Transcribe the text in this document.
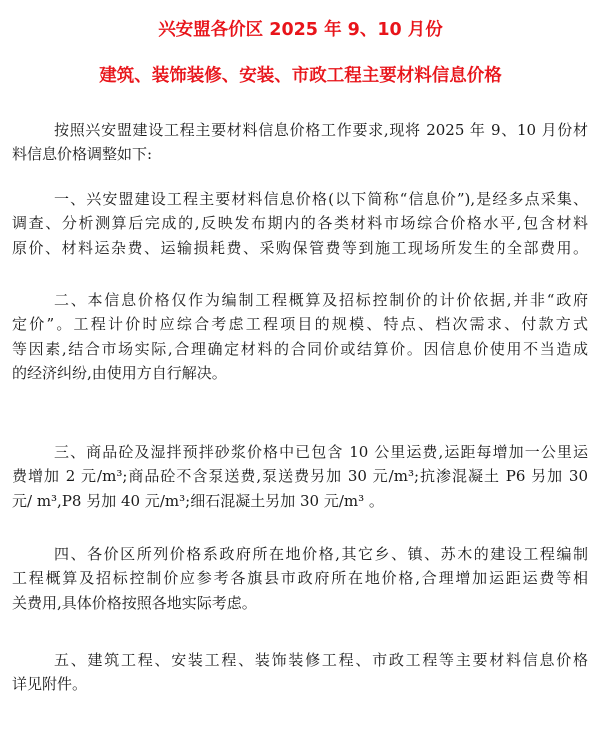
兴安盟各价区 2025 年 9、10 月份
建筑、装饰装修、安装、市政工程主要材料信息价格
按照兴安盟建设工程主要材料信息价格工作要求,现将 2025 年 9、10 月份材
料信息价格调整如下:
一、兴安盟建设工程主要材料信息价格(以下简称“信息价”),是经多点采集、
调查、分析测算后完成的,反映发布期内的各类材料市场综合价格水平,包含材料
原价、材料运杂费、运输损耗费、采购保管费等到施工现场所发生的全部费用。
二、本信息价格仅作为编制工程概算及招标控制价的计价依据,并非“政府
定价”。工程计价时应综合考虑工程项目的规模、特点、档次需求、付款方式
等因素,结合市场实际,合理确定材料的合同价或结算价。因信息价使用不当造成
的经济纠纷,由使用方自行解决。
三、商品砼及湿拌预拌砂浆价格中已包含 10 公里运费,运距每增加一公里运
费增加 2 元/m³;商品砼不含泵送费,泵送费另加 30 元/m³;抗渗混凝土 P6 另加 30
元/ m³,P8 另加 40 元/m³;细石混凝土另加 30 元/m³ 。
四、各价区所列价格系政府所在地价格,其它乡、镇、苏木的建设工程编制
工程概算及招标控制价应参考各旗县市政府所在地价格,合理增加运距运费等相
关费用,具体价格按照各地实际考虑。
五、建筑工程、安装工程、装饰装修工程、市政工程等主要材料信息价格
详见附件。
